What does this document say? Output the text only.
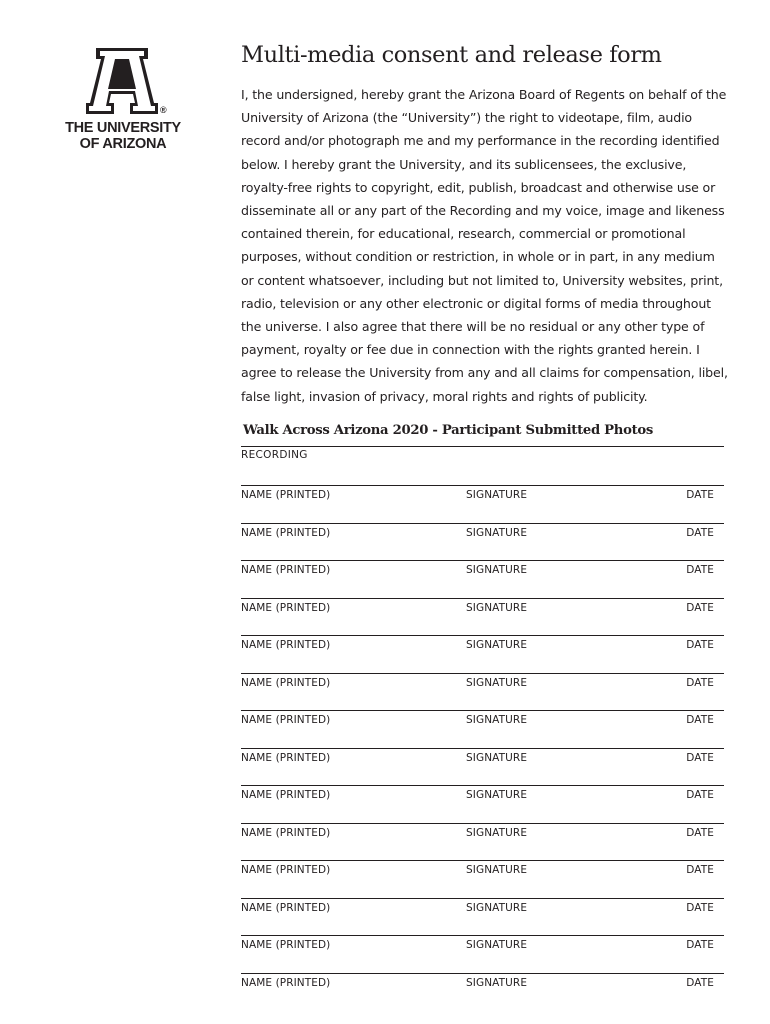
®
THE UNIVERSITY
OF ARIZONA
Multi-media consent and release form

I, the undersigned, hereby grant the Arizona Board of Regents on behalf of the University of Arizona (the “University”) the right to videotape, film, audio record and/or photograph me and my performance in the recording identified below. I hereby grant the University, and its sublicensees, the exclusive, royalty-free rights to copyright, edit, publish, broadcast and otherwise use or disseminate all or any part of the Recording and my voice, image and likeness contained therein, for educational, research, commercial or promotional purposes, without condition or restriction, in whole or in part, in any medium or content whatsoever, including but not limited to, University websites, print, radio, television or any other electronic or digital forms of media throughout the universe. I also agree that there will be no residual or any other type of payment, royalty or fee due in connection with the rights granted herein. I agree to release the University from any and all claims for compensation, libel, false light, invasion of privacy, moral rights and rights of publicity.

Walk Across Arizona 2020 - Participant Submitted Photos
RECORDING
NAME (PRINTED)	SIGNATURE	DATE
NAME (PRINTED)	SIGNATURE	DATE
NAME (PRINTED)	SIGNATURE	DATE
NAME (PRINTED)	SIGNATURE	DATE
NAME (PRINTED)	SIGNATURE	DATE
NAME (PRINTED)	SIGNATURE	DATE
NAME (PRINTED)	SIGNATURE	DATE
NAME (PRINTED)	SIGNATURE	DATE
NAME (PRINTED)	SIGNATURE	DATE
NAME (PRINTED)	SIGNATURE	DATE
NAME (PRINTED)	SIGNATURE	DATE
NAME (PRINTED)	SIGNATURE	DATE
NAME (PRINTED)	SIGNATURE	DATE
NAME (PRINTED)	SIGNATURE	DATE
